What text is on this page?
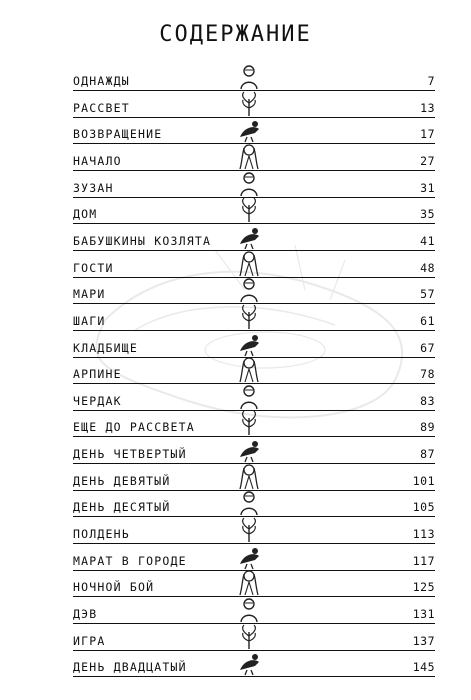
СОДЕРЖАНИЕ
ОДНАЖДЫ	7
РАССВЕТ	13
ВОЗВРАЩЕНИЕ	17
НАЧАЛО	27
ЗУЗАН	31
ДОМ	35
БАБУШКИНЫ КОЗЛЯТА	41
ГОСТИ	48
МАРИ	57
ШАГИ	61
КЛАДБИЩЕ	67
АРПИНЕ	78
ЧЕРДАК	83
ЕЩЕ ДО РАССВЕТА	89
ДЕНЬ ЧЕТВЕРТЫЙ	87
ДЕНЬ ДЕВЯТЫЙ	101
ДЕНЬ ДЕСЯТЫЙ	105
ПОЛДЕНЬ	113
МАРАТ В ГОРОДЕ	117
НОЧНОЙ БОЙ	125
ДЭВ	131
ИГРА	137
ДЕНЬ ДВАДЦАТЫЙ	145
